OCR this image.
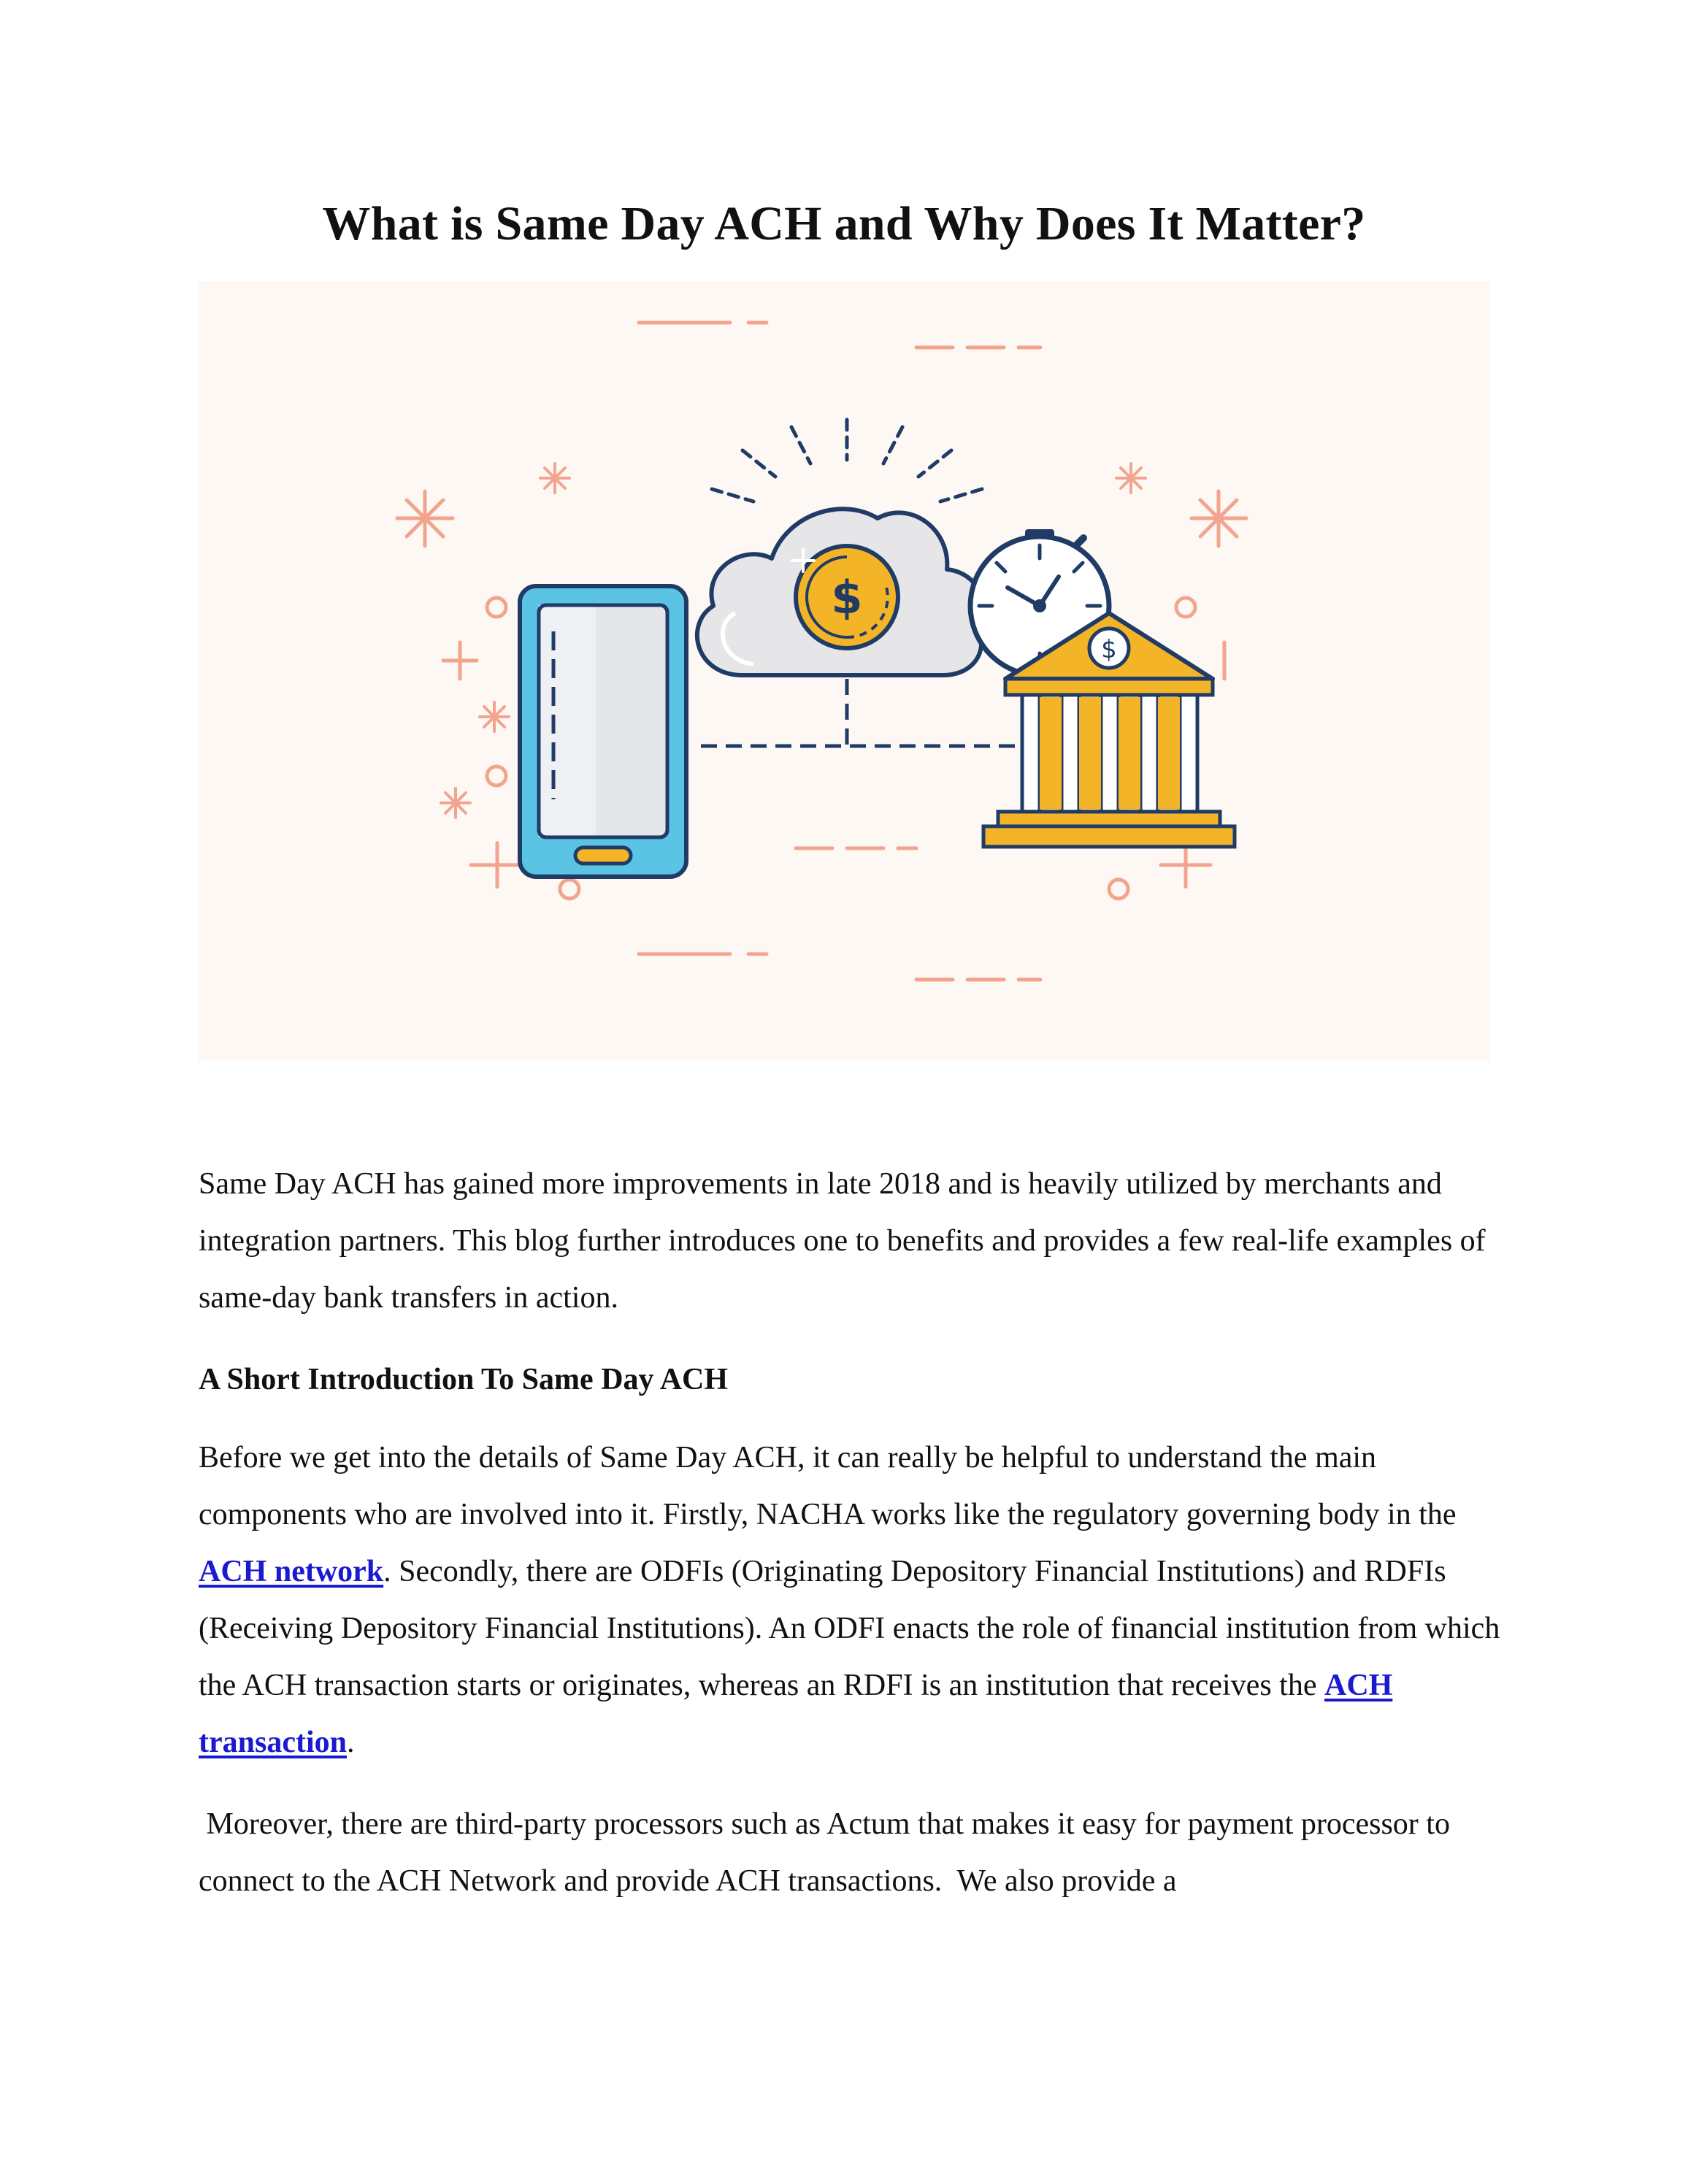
What is Same Day ACH and Why Does It Matter?
$
$

Same Day ACH has gained more improvements in late 2018 and is heavily utilized by merchants and integration partners. This blog further introduces one to benefits and provides a few real-life examples of same-day bank transfers in action.

A Short Introduction To Same Day ACH

Before we get into the details of Same Day ACH, it can really be helpful to understand the main components who are involved into it. Firstly, NACHA works like the regulatory governing body in the ACH network. Secondly, there are ODFIs (Originating Depository Financial Institutions) and RDFIs (Receiving Depository Financial Institutions). An ODFI enacts the role of financial institution from which the ACH transaction starts or originates, whereas an RDFI is an institution that receives the ACH transaction.

Moreover, there are third-party processors such as Actum that makes it easy for payment processor to connect to the ACH Network and provide ACH transactions.  We also provide a
